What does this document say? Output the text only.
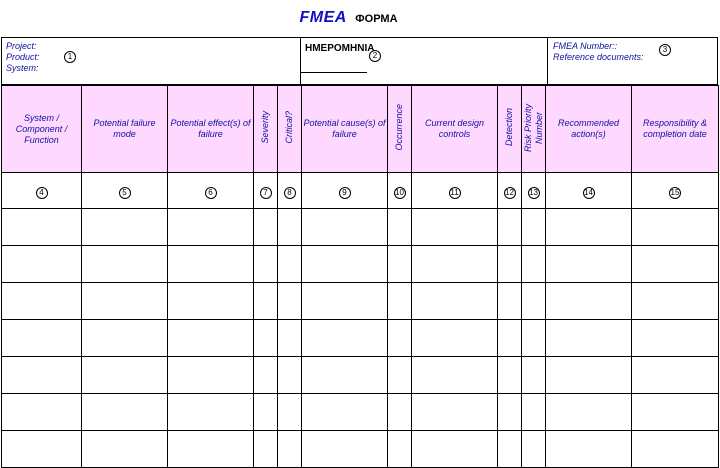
FMEA ФОРМА
Project:
Product:
System:
1
ΗΜΕΡΟΜΗΝΙΑ
2
FMEA Number::
Reference documents:
3
System / Component / Function	Potential failure mode	Potential effect(s) of failure	Severity	Critical?	Potential cause(s) of failure	Occurrence	Current design controls	Detection	Risk Priority Number	Recommended action(s)	Responsibility & completion date
4	5	6	7	8	9	10	11	12	13	14	15
